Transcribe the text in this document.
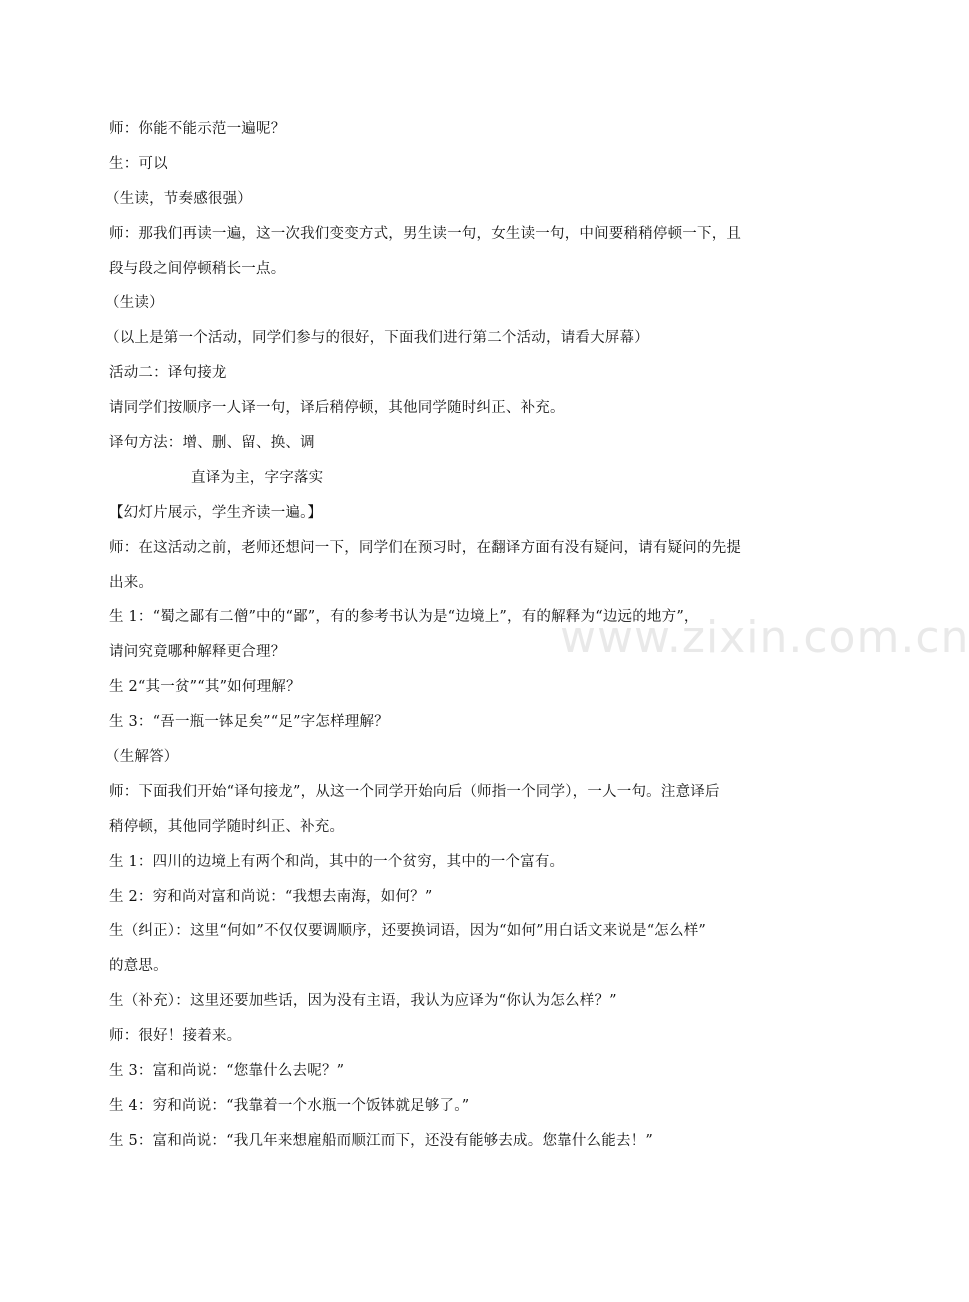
www.zixin.com.cn
师：你能不能示范一遍呢？
生：可以
（生读，节奏感很强）
师：那我们再读一遍，这一次我们变变方式，男生读一句，女生读一句，中间要稍稍停顿一下，且
段与段之间停顿稍长一点。
（生读）
（以上是第一个活动，同学们参与的很好，下面我们进行第二个活动，请看大屏幕）
活动二：译句接龙
请同学们按顺序一人译一句，译后稍停顿，其他同学随时纠正、补充。
译句方法：增、删、留、换、调
直译为主，字字落实
【幻灯片展示，学生齐读一遍。】
师：在这活动之前，老师还想问一下，同学们在预习时，在翻译方面有没有疑问，请有疑问的先提
出来。
生 1：“蜀之鄙有二僧”中的“鄙”，有的参考书认为是“边境上”，有的解释为“边远的地方”，
请问究竟哪种解释更合理？
生 2“其一贫”“其”如何理解？
生 3：“吾一瓶一钵足矣”“足”字怎样理解？
（生解答）
师：下面我们开始“译句接龙”，从这一个同学开始向后（师指一个同学），一人一句。注意译后
稍停顿，其他同学随时纠正、补充。
生 1：四川的边境上有两个和尚，其中的一个贫穷，其中的一个富有。
生 2：穷和尚对富和尚说：“我想去南海，如何？”
生（纠正）：这里“何如”不仅仅要调顺序，还要换词语，因为“如何”用白话文来说是“怎么样”
的意思。
生（补充）：这里还要加些话，因为没有主语，我认为应译为“你认为怎么样？”
师：很好！接着来。
生 3：富和尚说：“您靠什么去呢？”
生 4：穷和尚说：“我靠着一个水瓶一个饭钵就足够了。”
生 5：富和尚说：“我几年来想雇船而顺江而下，还没有能够去成。您靠什么能去！”
